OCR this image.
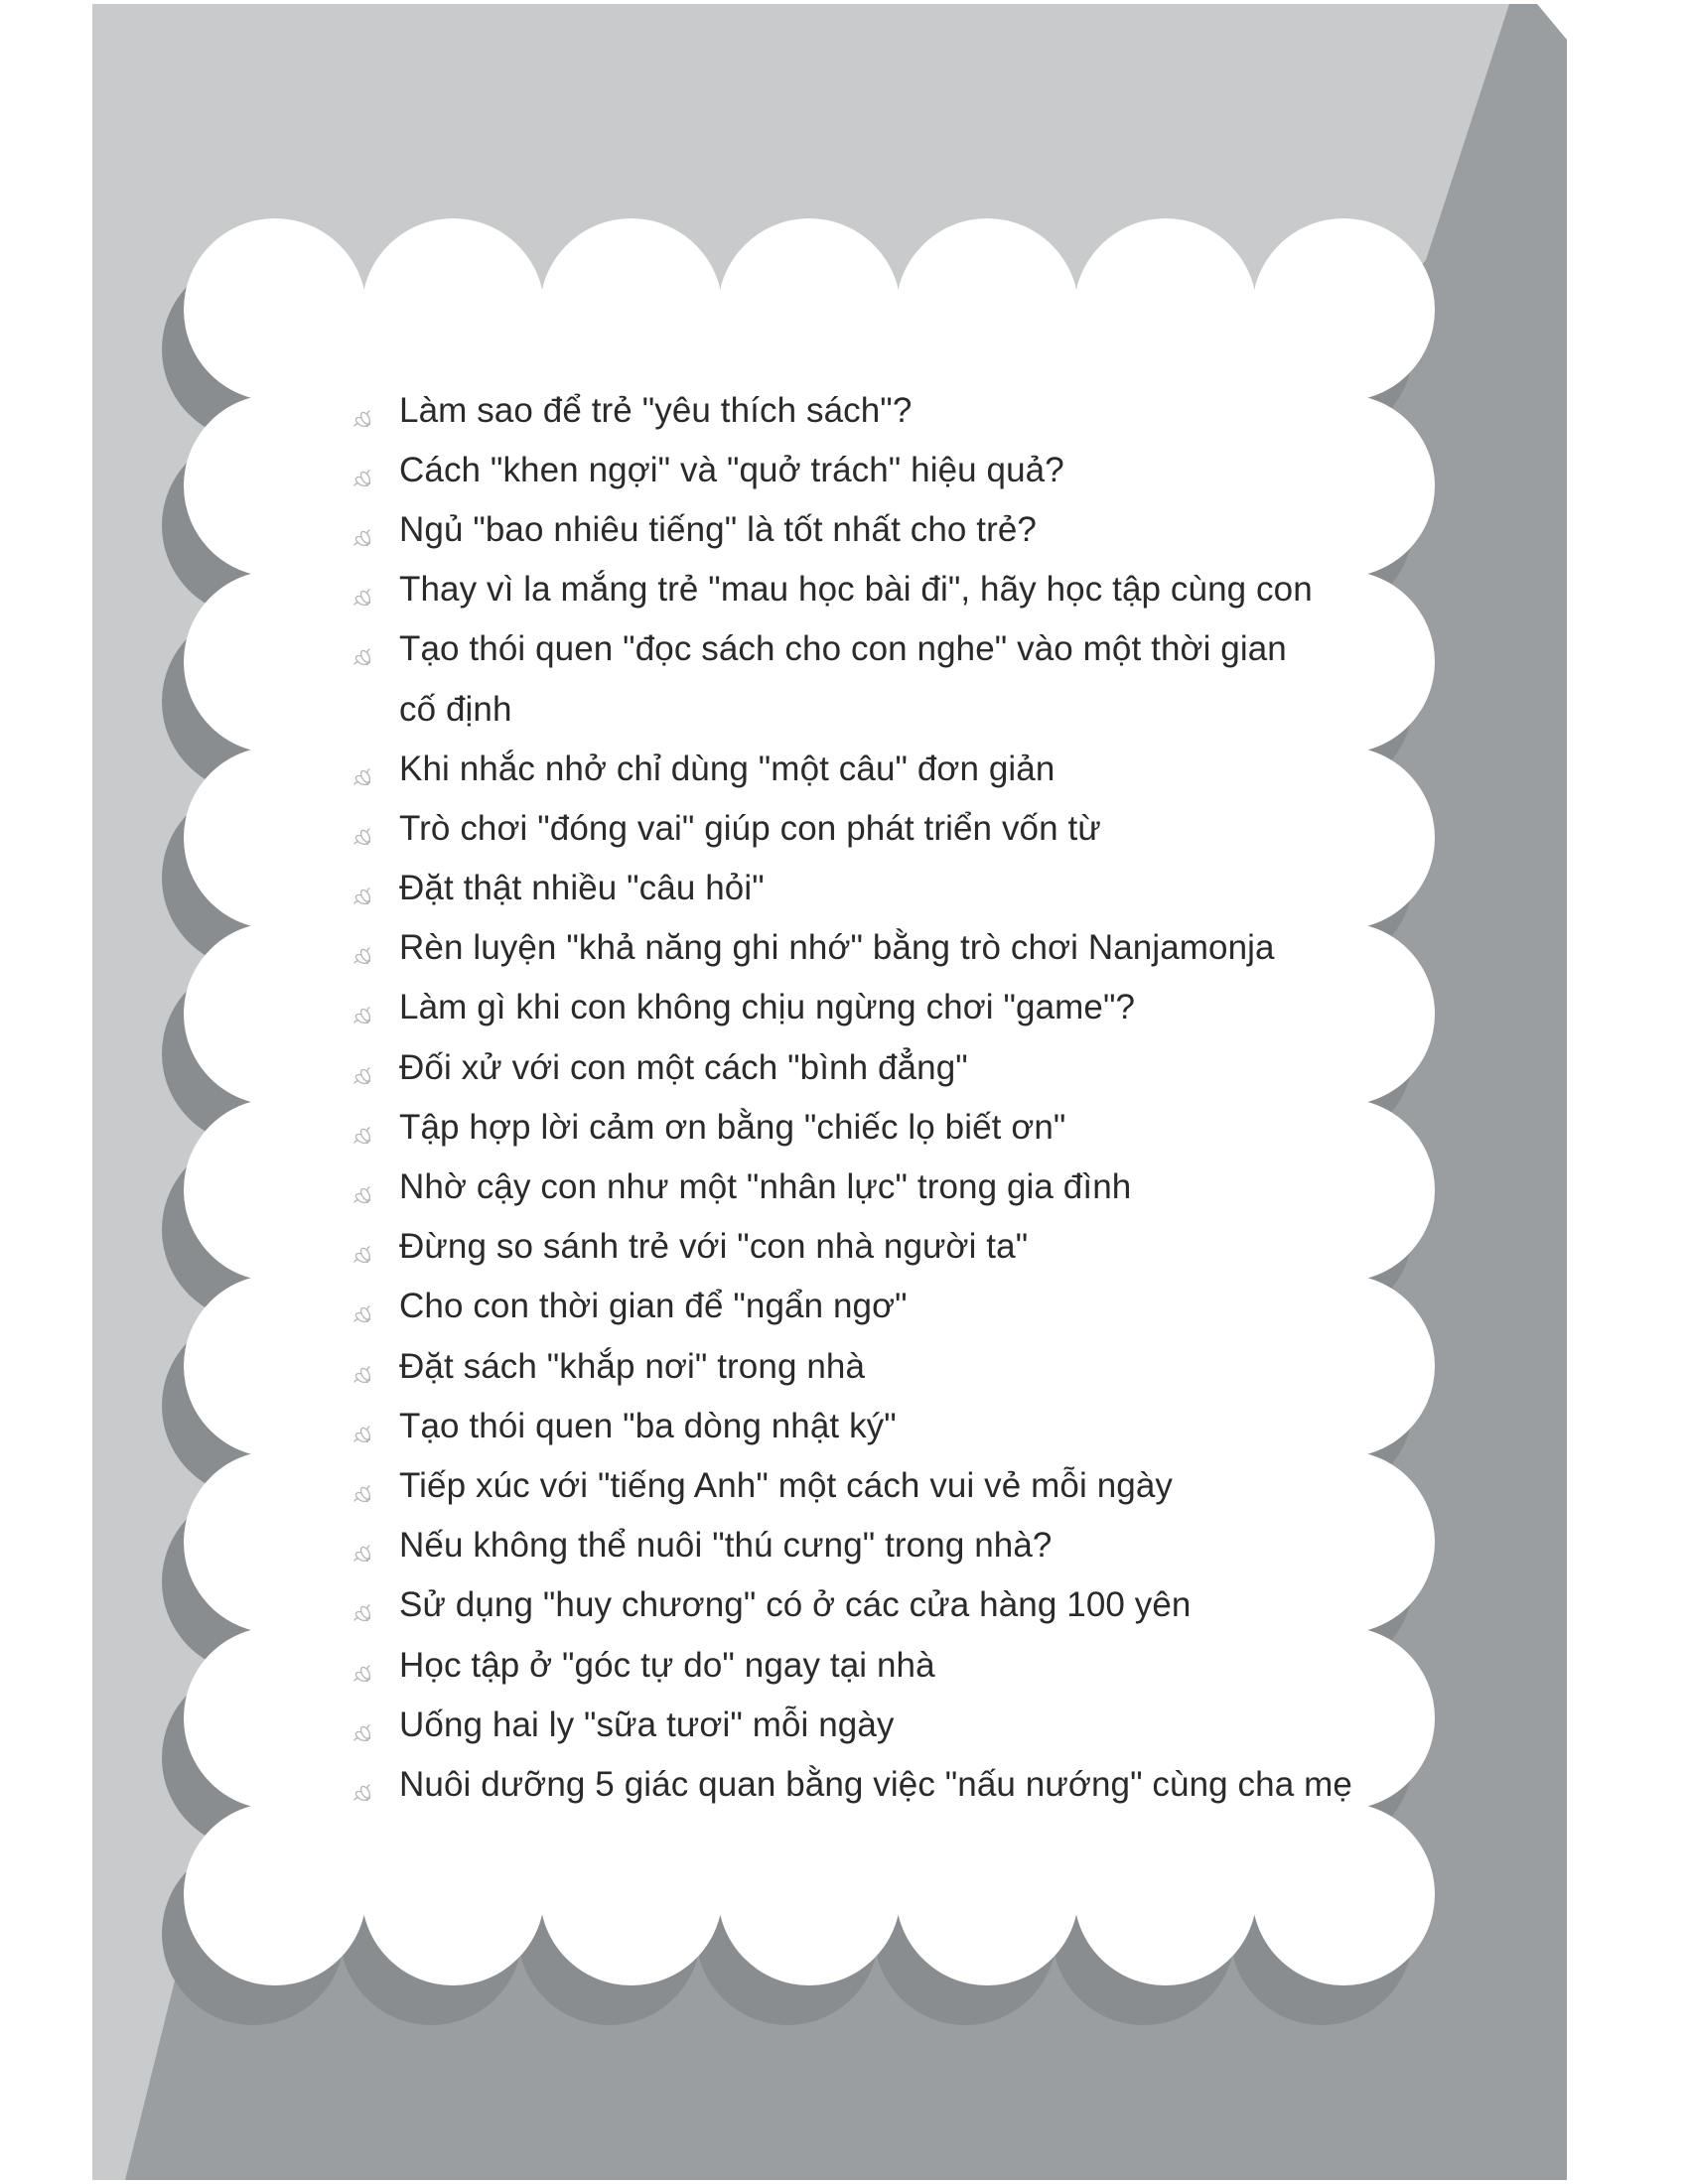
Làm sao để trẻ "yêu thích sách"?
Cách "khen ngợi" và "quở trách" hiệu quả?
Ngủ "bao nhiêu tiếng" là tốt nhất cho trẻ?
Thay vì la mắng trẻ "mau học bài đi", hãy học tập cùng con
Tạo thói quen "đọc sách cho con nghe" vào một thời gian
cố định
Khi nhắc nhở chỉ dùng "một câu" đơn giản
Trò chơi "đóng vai" giúp con phát triển vốn từ
Đặt thật nhiều "câu hỏi"
Rèn luyện "khả năng ghi nhớ" bằng trò chơi Nanjamonja
Làm gì khi con không chịu ngừng chơi "game"?
Đối xử với con một cách "bình đẳng"
Tập hợp lời cảm ơn bằng "chiếc lọ biết ơn"
Nhờ cậy con như một "nhân lực" trong gia đình
Đừng so sánh trẻ với "con nhà người ta"
Cho con thời gian để "ngẩn ngơ"
Đặt sách "khắp nơi" trong nhà
Tạo thói quen "ba dòng nhật ký"
Tiếp xúc với "tiếng Anh" một cách vui vẻ mỗi ngày
Nếu không thể nuôi "thú cưng" trong nhà?
Sử dụng "huy chương" có ở các cửa hàng 100 yên
Học tập ở "góc tự do" ngay tại nhà
Uống hai ly "sữa tươi" mỗi ngày
Nuôi dưỡng 5 giác quan bằng việc "nấu nướng" cùng cha mẹ
